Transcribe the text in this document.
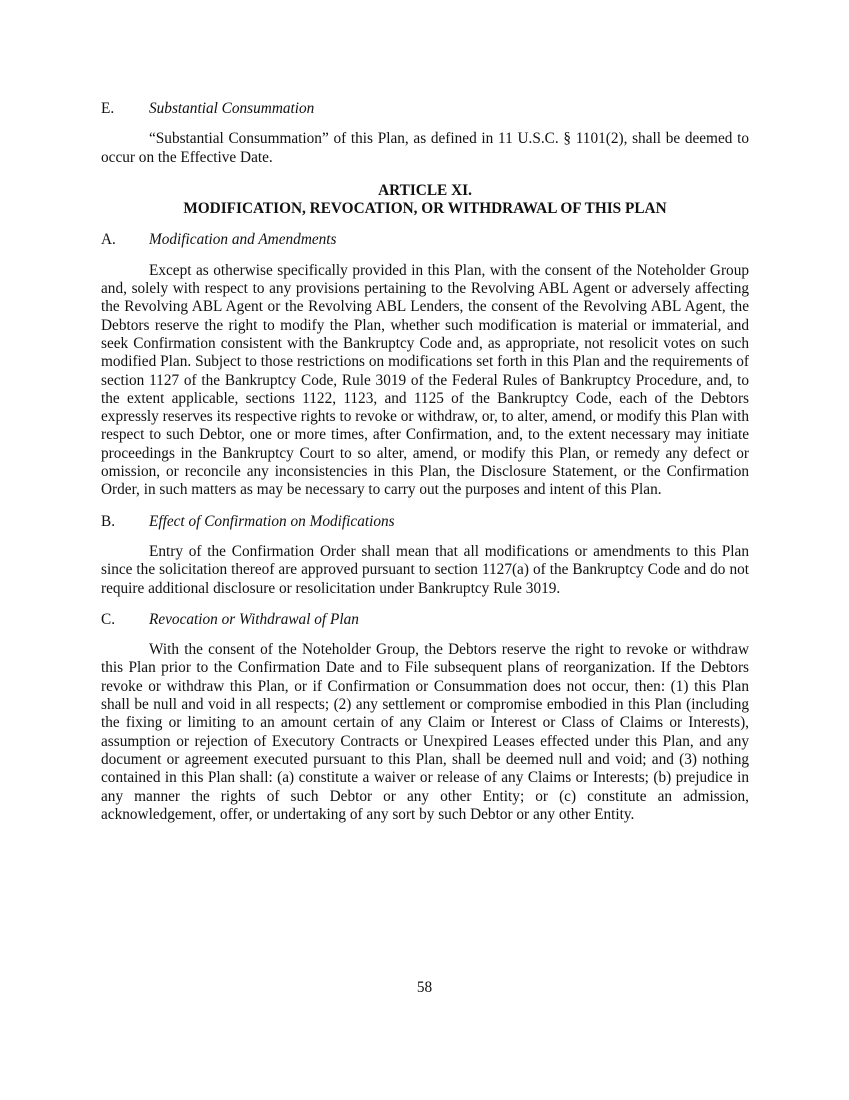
E.	Substantial Consummation

“Substantial Consummation” of this Plan, as defined in 11 U.S.C. § 1101(2), shall be deemed to occur on the Effective Date.

ARTICLE XI.

MODIFICATION, REVOCATION, OR WITHDRAWAL OF THIS PLAN

A.	Modification and Amendments

Except as otherwise specifically provided in this Plan, with the consent of the Noteholder Group and, solely with respect to any provisions pertaining to the Revolving ABL Agent or adversely affecting the Revolving ABL Agent or the Revolving ABL Lenders, the consent of the Revolving ABL Agent, the Debtors reserve the right to modify the Plan, whether such modification is material or immaterial, and seek Confirmation consistent with the Bankruptcy Code and, as appropriate, not resolicit votes on such modified Plan. Subject to those restrictions on modifications set forth in this Plan and the requirements of section 1127 of the Bankruptcy Code, Rule 3019 of the Federal Rules of Bankruptcy Procedure, and, to the extent applicable, sections 1122, 1123, and 1125 of the Bankruptcy Code, each of the Debtors expressly reserves its respective rights to revoke or withdraw, or, to alter, amend, or modify this Plan with respect to such Debtor, one or more times, after Confirmation, and, to the extent necessary may initiate proceedings in the Bankruptcy Court to so alter, amend, or modify this Plan, or remedy any defect or omission, or reconcile any inconsistencies in this Plan, the Disclosure Statement, or the Confirmation Order, in such matters as may be necessary to carry out the purposes and intent of this Plan.

B.	Effect of Confirmation on Modifications

Entry of the Confirmation Order shall mean that all modifications or amendments to this Plan since the solicitation thereof are approved pursuant to section 1127(a) of the Bankruptcy Code and do not require additional disclosure or resolicitation under Bankruptcy Rule 3019.

C.	Revocation or Withdrawal of Plan

With the consent of the Noteholder Group, the Debtors reserve the right to revoke or withdraw this Plan prior to the Confirmation Date and to File subsequent plans of reorganization. If the Debtors revoke or withdraw this Plan, or if Confirmation or Consummation does not occur, then: (1) this Plan shall be null and void in all respects; (2) any settlement or compromise embodied in this Plan (including the fixing or limiting to an amount certain of any Claim or Interest or Class of Claims or Interests), assumption or rejection of Executory Contracts or Unexpired Leases effected under this Plan, and any document or agreement executed pursuant to this Plan, shall be deemed null and void; and (3) nothing contained in this Plan shall: (a) constitute a waiver or release of any Claims or Interests; (b) prejudice in any manner the rights of such Debtor or any other Entity; or (c) constitute an admission, acknowledgement, offer, or undertaking of any sort by such Debtor or any other Entity.

58
